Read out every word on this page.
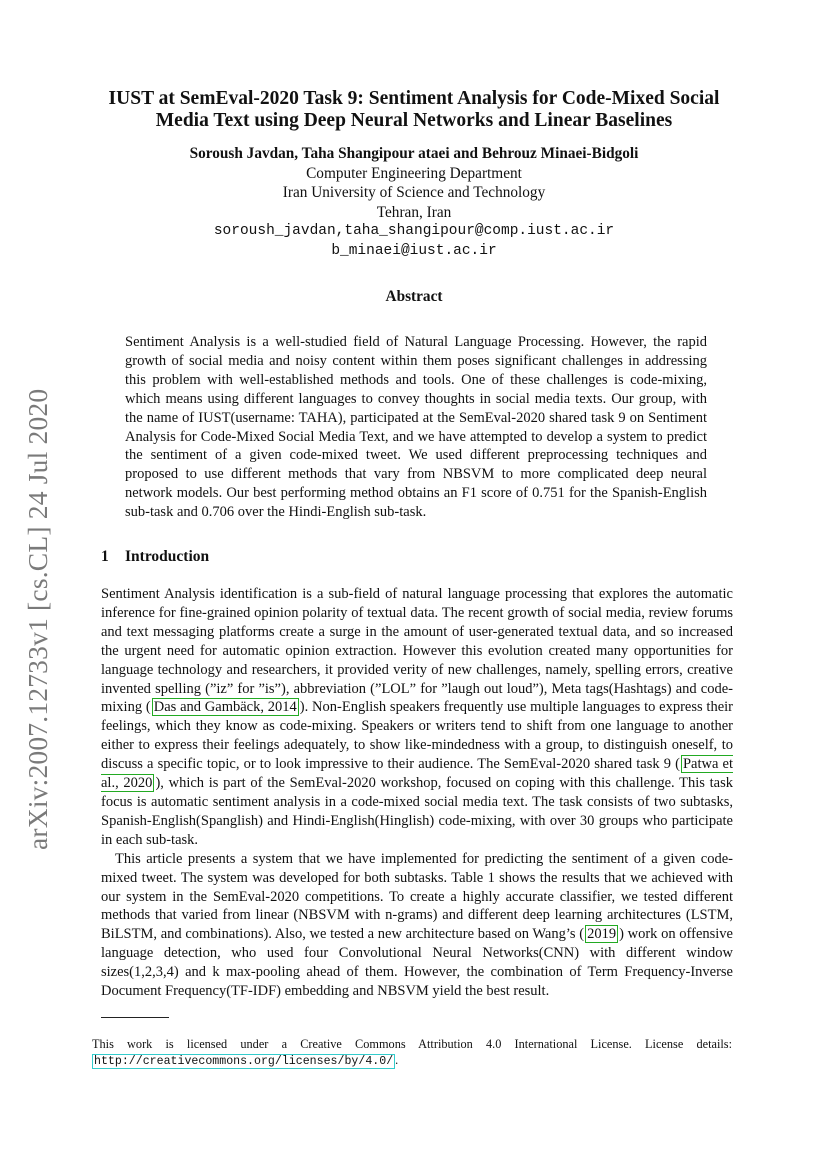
arXiv:2007.12733v1 [cs.CL] 24 Jul 2020
IUST at SemEval-2020 Task 9: Sentiment Analysis for Code-Mixed Social
Media Text using Deep Neural Networks and Linear Baselines
Soroush Javdan, Taha Shangipour ataei and Behrouz Minaei-Bidgoli
Computer Engineering Department
Iran University of Science and Technology
Tehran, Iran
soroush_javdan,taha_shangipour@comp.iust.ac.ir
b_minaei@iust.ac.ir
Abstract
Sentiment Analysis is a well-studied field of Natural Language Processing. However, the rapid growth of social media and noisy content within them poses significant challenges in addressing this problem with well-established methods and tools. One of these challenges is code-mixing, which means using different languages to convey thoughts in social media texts. Our group, with the name of IUST(username: TAHA), participated at the SemEval-2020 shared task 9 on Sentiment Analysis for Code-Mixed Social Media Text, and we have attempted to develop a system to predict the sentiment of a given code-mixed tweet. We used different preprocessing techniques and proposed to use different methods that vary from NBSVM to more complicated deep neural network models. Our best performing method obtains an F1 score of 0.751 for the Spanish-English sub-task and 0.706 over the Hindi-English sub-task.
1 Introduction

Sentiment Analysis identification is a sub-field of natural language processing that explores the automatic inference for fine-grained opinion polarity of textual data. The recent growth of social media, review forums and text messaging platforms create a surge in the amount of user-generated textual data, and so increased the urgent need for automatic opinion extraction. However this evolution created many opportunities for language technology and researchers, it provided verity of new challenges, namely, spelling errors, creative invented spelling (”iz” for ”is”), abbreviation (”LOL” for ”laugh out loud”), Meta tags(Hashtags) and code-mixing ( Das and Gambäck, 2014 ). Non-English speakers frequently use multiple languages to express their feelings, which they know as code-mixing. Speakers or writers tend to shift from one language to another either to express their feelings adequately, to show like-mindedness with a group, to distinguish oneself, to discuss a specific topic, or to look impressive to their audience. The SemEval-2020 shared task 9 ( Patwa et al., 2020 ), which is part of the SemEval-2020 workshop, focused on coping with this challenge. This task focus is automatic sentiment analysis in a code-mixed social media text. The task consists of two subtasks, Spanish-English(Spanglish) and Hindi-English(Hinglish) code-mixing, with over 30 groups who participate in each sub-task.

This article presents a system that we have implemented for predicting the sentiment of a given code-mixed tweet. The system was developed for both subtasks. Table 1 shows the results that we achieved with our system in the SemEval-2020 competitions. To create a highly accurate classifier, we tested different methods that varied from linear (NBSVM with n-grams) and different deep learning architectures (LSTM, BiLSTM, and combinations). Also, we tested a new architecture based on Wang’s ( 2019 ) work on offensive language detection, who used four Convolutional Neural Networks(CNN) with different window sizes(1,2,3,4) and k max-pooling ahead of them. However, the combination of Term Frequency-Inverse Document Frequency(TF-IDF) embedding and NBSVM yield the best result.

This work is licensed under a Creative Commons Attribution 4.0 International License. License details: http://creativecommons.org/licenses/by/4.0/ .
